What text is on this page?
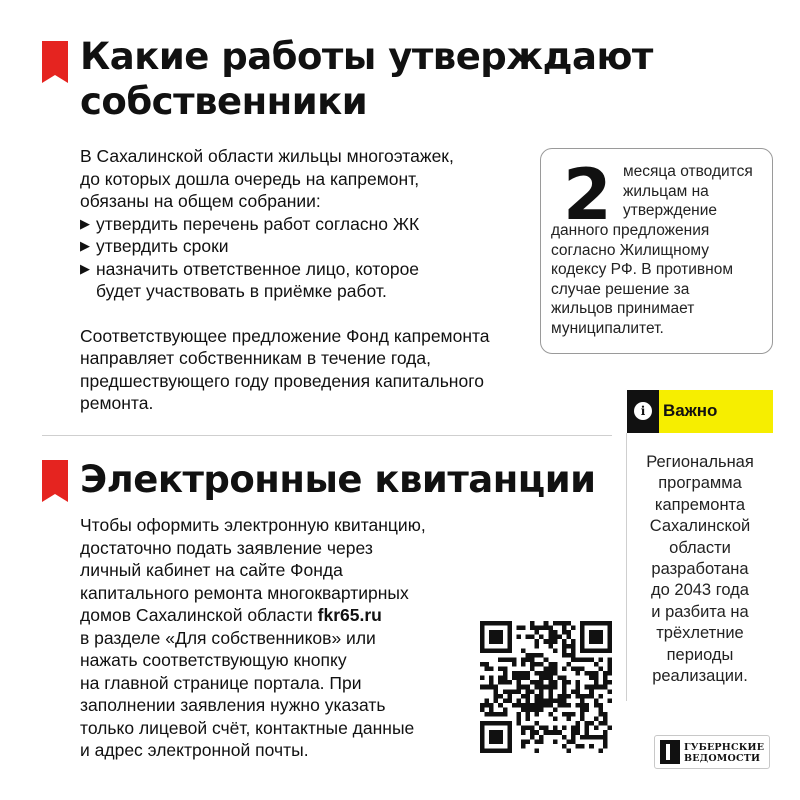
Какие работы утверждают
собственники
В Сахалинской области жильцы многоэтажек,
до которых дошла очередь на капремонт,
обязаны на общем собрании:
▶ утвердить перечень работ согласно ЖК
▶ утвердить сроки
▶ назначить ответственное лицо, которое
будет участвовать в приёмке работ.
Соответствующее предложение Фонд капремонта
направляет собственникам в течение года,
предшествующего году проведения капитального
ремонта.
2 месяца отводится
жильцам на
утверждение
данного предложения
согласно Жилищному
кодексу РФ. В противном
случае решение за
жильцов принимает
муниципалитет.
i	Важно
Региональная
программа
капремонта
Сахалинской
области
разработана
до 2043 года
и разбита на
трёхлетние
периоды
реализации.
Электронные квитанции
Чтобы оформить электронную квитанцию,
достаточно подать заявление через
личный кабинет на сайте Фонда
капитального ремонта многоквартирных
домов Сахалинской области fkr65.ru
в разделе «Для собственников» или
нажать соответствующую кнопку
на главной странице портала. При
заполнении заявления нужно указать
только лицевой счёт, контактные данные
и адрес электронной почты.	ГУБЕРНСКИЕ
ВЕДОМОСТИ
